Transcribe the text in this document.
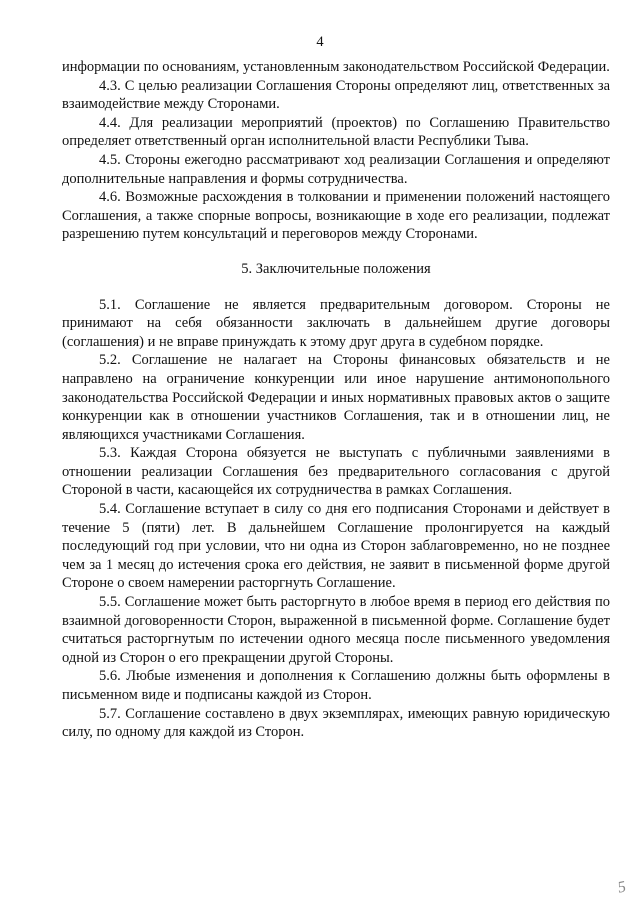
4

информации по основаниям, установленным законодательством Российской Федерации.

4.3. С целью реализации Соглашения Стороны определяют лиц, ответственных за взаимодействие между Сторонами.

4.4. Для реализации мероприятий (проектов) по Соглашению Правительство определяет ответственный орган исполнительной власти Республики Тыва.

4.5. Стороны ежегодно рассматривают ход реализации Соглашения и определяют дополнительные направления и формы сотрудничества.

4.6. Возможные расхождения в толковании и применении положений настоящего Соглашения, а также спорные вопросы, возникающие в ходе его реализации, подлежат разрешению путем консультаций и переговоров между Сторонами.

5. Заключительные положения

5.1. Соглашение не является предварительным договором. Стороны не принимают на себя обязанности заключать в дальнейшем другие договоры (соглашения) и не вправе принуждать к этому друг друга в судебном порядке.

5.2. Соглашение не налагает на Стороны финансовых обязательств и не направлено на ограничение конкуренции или иное нарушение антимонопольного законодательства Российской Федерации и иных нормативных правовых актов о защите конкуренции как в отношении участников Соглашения, так и в отношении лиц, не являющихся участниками Соглашения.

5.3. Каждая Сторона обязуется не выступать с публичными заявлениями в отношении реализации Соглашения без предварительного согласования с другой Стороной в части, касающейся их сотрудничества в рамках Соглашения.

5.4. Соглашение вступает в силу со дня его подписания Сторонами и действует в течение 5 (пяти) лет. В дальнейшем Соглашение пролонгируется на каждый последующий год при условии, что ни одна из Сторон заблаговременно, но не позднее чем за 1 месяц до истечения срока его действия, не заявит в письменной форме другой Стороне о своем намерении расторгнуть Соглашение.

5.5. Соглашение может быть расторгнуто в любое время в период его действия по взаимной договоренности Сторон, выраженной в письменной форме. Соглашение будет считаться расторгнутым по истечении одного месяца после письменного уведомления одной из Сторон о его прекращении другой Стороны.

5.6. Любые изменения и дополнения к Соглашению должны быть оформлены в письменном виде и подписаны каждой из Сторон.

5.7. Соглашение составлено в двух экземплярах, имеющих равную юридическую силу, по одному для каждой из Сторон.

5
